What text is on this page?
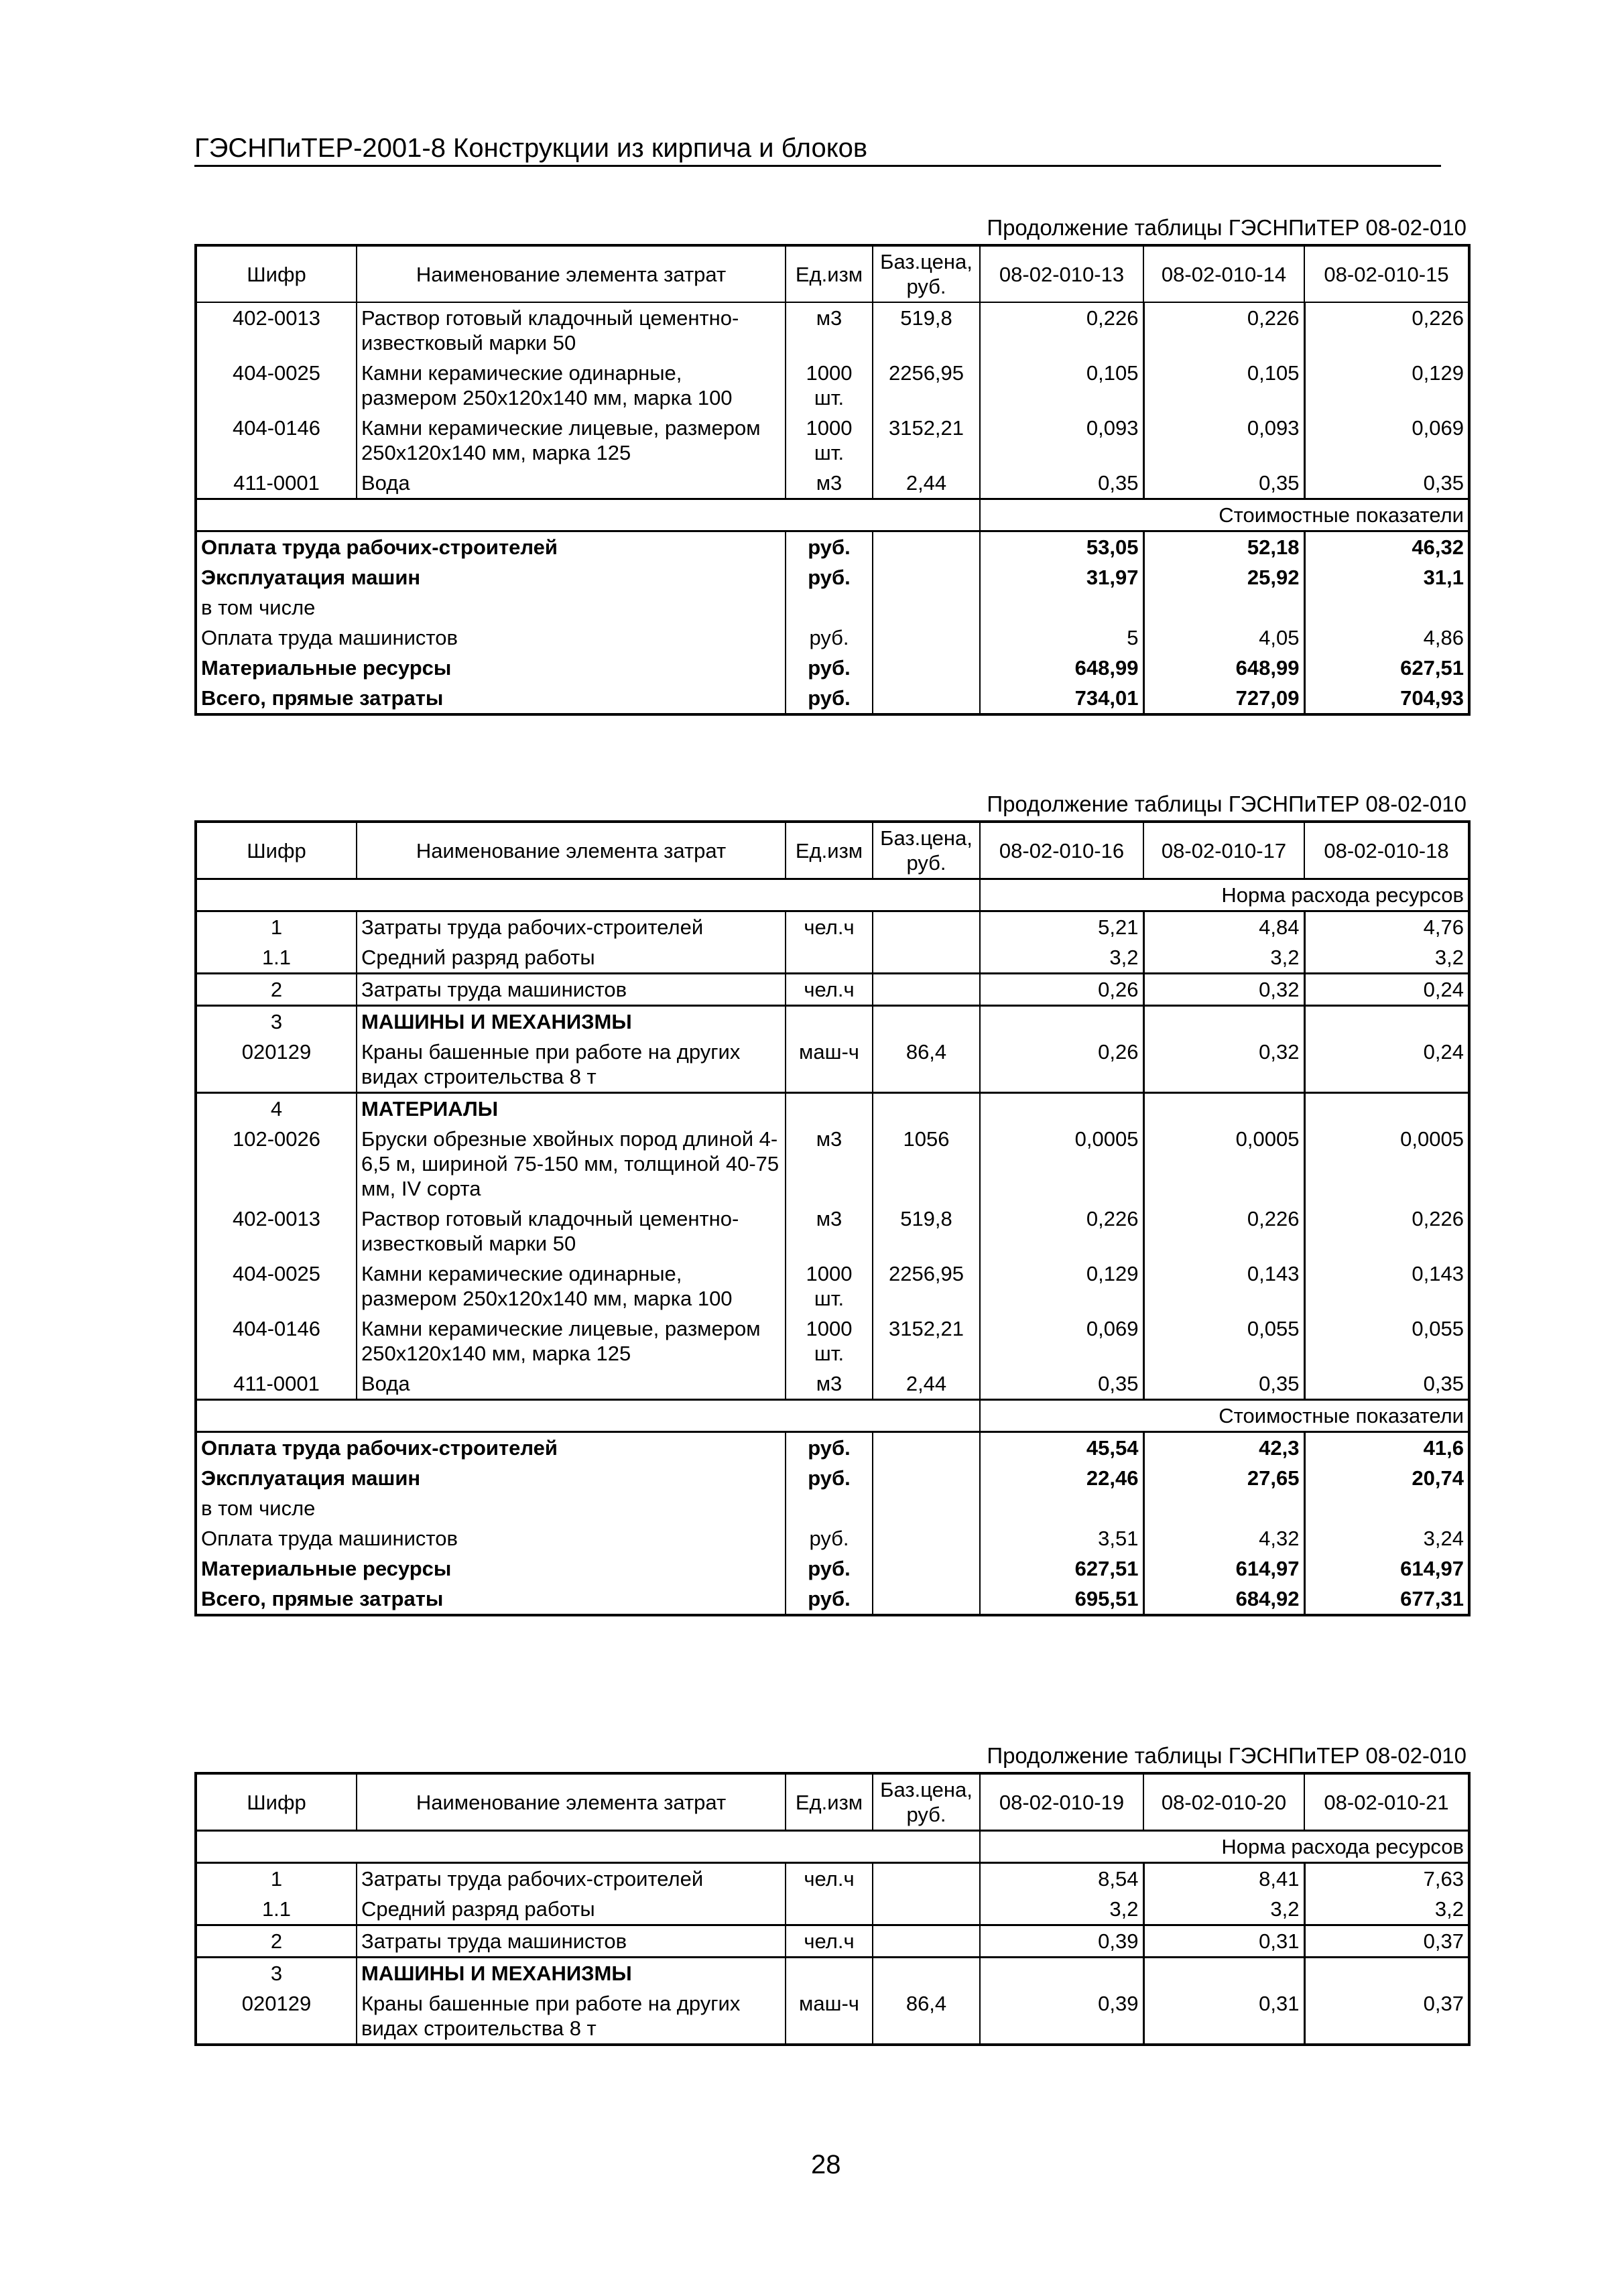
ГЭСНПиТЕР-2001-8 Конструкции из кирпича и блоков
Продолжение таблицы ГЭСНПиТЕР 08-02-010
Шифр	Наименование элемента затрат	Ед.изм	Баз.цена, руб.	08-02-010-13	08-02-010-14	08-02-010-15
402-0013	Раствор готовый кладочный цементно-известковый марки 50	м3	519,8	0,226	0,226	0,226
404-0025	Камни керамические одинарные, размером 250х120х140 мм, марка 100	1000 шт.	2256,95	0,105	0,105	0,129
404-0146	Камни керамические лицевые, размером 250х120х140 мм, марка 125	1000 шт.	3152,21	0,093	0,093	0,069
411-0001	Вода	м3	2,44	0,35	0,35	0,35
				Стоимостные показатели		
Оплата труда рабочих-строителей		руб.		53,05	52,18	46,32
Эксплуатация машин		руб.		31,97	25,92	31,1
в том числе						
Оплата труда машинистов		руб.		5	4,05	4,86
Материальные ресурсы		руб.		648,99	648,99	627,51
Всего, прямые затраты		руб.		734,01	727,09	704,93
Продолжение таблицы ГЭСНПиТЕР 08-02-010
Шифр	Наименование элемента затрат	Ед.изм	Баз.цена, руб.	08-02-010-16	08-02-010-17	08-02-010-18
				Норма расхода ресурсов		
1	Затраты труда рабочих-строителей	чел.ч		5,21	4,84	4,76
1.1	Средний разряд работы			3,2	3,2	3,2
2	Затраты труда машинистов	чел.ч		0,26	0,32	0,24
3	МАШИНЫ И МЕХАНИЗМЫ					
020129	Краны башенные при работе на других видах строительства 8 т	маш-ч	86,4	0,26	0,32	0,24
4	МАТЕРИАЛЫ					
102-0026	Бруски обрезные хвойных пород длиной 4-6,5 м, шириной 75-150 мм, толщиной 40-75 мм, IV сорта	м3	1056	0,0005	0,0005	0,0005
402-0013	Раствор готовый кладочный цементно-известковый марки 50	м3	519,8	0,226	0,226	0,226
404-0025	Камни керамические одинарные, размером 250х120х140 мм, марка 100	1000 шт.	2256,95	0,129	0,143	0,143
404-0146	Камни керамические лицевые, размером 250х120х140 мм, марка 125	1000 шт.	3152,21	0,069	0,055	0,055
411-0001	Вода	м3	2,44	0,35	0,35	0,35
				Стоимостные показатели		
Оплата труда рабочих-строителей		руб.		45,54	42,3	41,6
Эксплуатация машин		руб.		22,46	27,65	20,74
в том числе						
Оплата труда машинистов		руб.		3,51	4,32	3,24
Материальные ресурсы		руб.		627,51	614,97	614,97
Всего, прямые затраты		руб.		695,51	684,92	677,31
Продолжение таблицы ГЭСНПиТЕР 08-02-010
Шифр	Наименование элемента затрат	Ед.изм	Баз.цена, руб.	08-02-010-19	08-02-010-20	08-02-010-21
				Норма расхода ресурсов		
1	Затраты труда рабочих-строителей	чел.ч		8,54	8,41	7,63
1.1	Средний разряд работы			3,2	3,2	3,2
2	Затраты труда машинистов	чел.ч		0,39	0,31	0,37
3	МАШИНЫ И МЕХАНИЗМЫ					
020129	Краны башенные при работе на других видах строительства 8 т	маш-ч	86,4	0,39	0,31	0,37
28
